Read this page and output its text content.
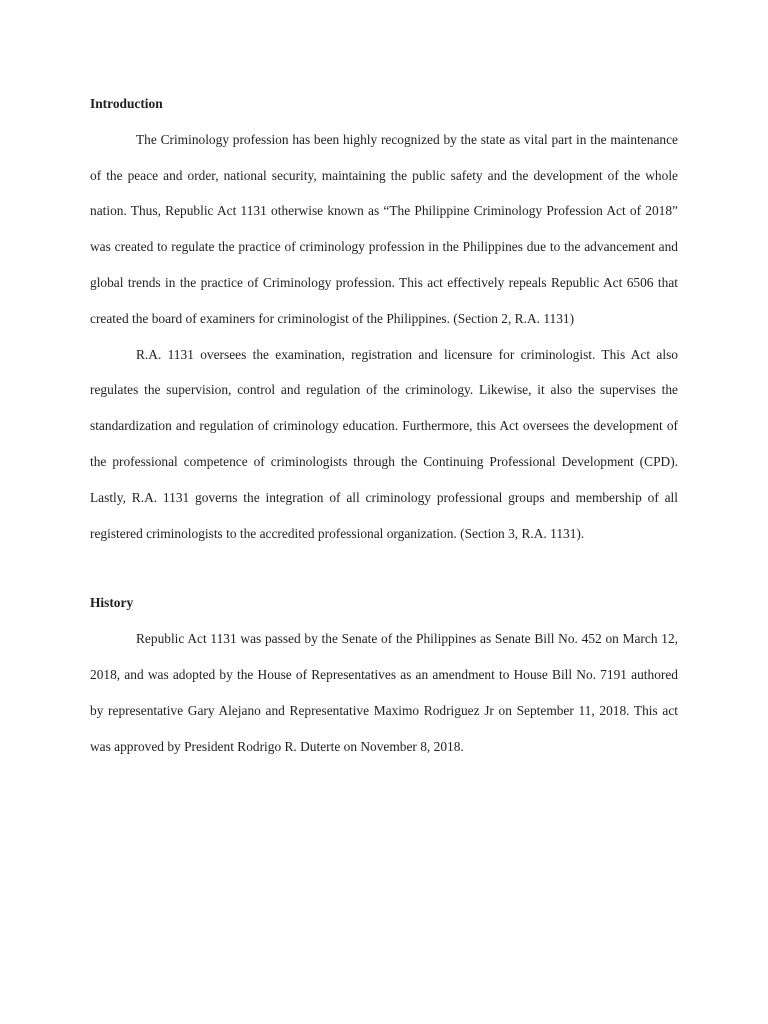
Introduction

The Criminology profession has been highly recognized by the state as vital part in the maintenance of the peace and order, national security, maintaining the public safety and the development of the whole nation. Thus, Republic Act 1131 otherwise known as “The Philippine Criminology Profession Act of 2018” was created to regulate the practice of criminology profession in the Philippines due to the advancement and global trends in the practice of Criminology profession. This act effectively repeals Republic Act 6506 that created the board of examiners for criminologist of the Philippines. (Section 2, R.A. 1131)

R.A. 1131 oversees the examination, registration and licensure for criminologist. This Act also regulates the supervision, control and regulation of the criminology. Likewise, it also the supervises the standardization and regulation of criminology education. Furthermore, this Act oversees the development of the professional competence of criminologists through the Continuing Professional Development (CPD). Lastly, R.A. 1131 governs the integration of all criminology professional groups and membership of all registered criminologists to the accredited professional organization. (Section 3, R.A. 1131).

History

Republic Act 1131 was passed by the Senate of the Philippines as Senate Bill No. 452 on March 12, 2018, and was adopted by the House of Representatives as an amendment to House Bill No. 7191 authored by representative Gary Alejano and Representative Maximo Rodriguez Jr on September 11, 2018. This act was approved by President Rodrigo R. Duterte on November 8, 2018.
